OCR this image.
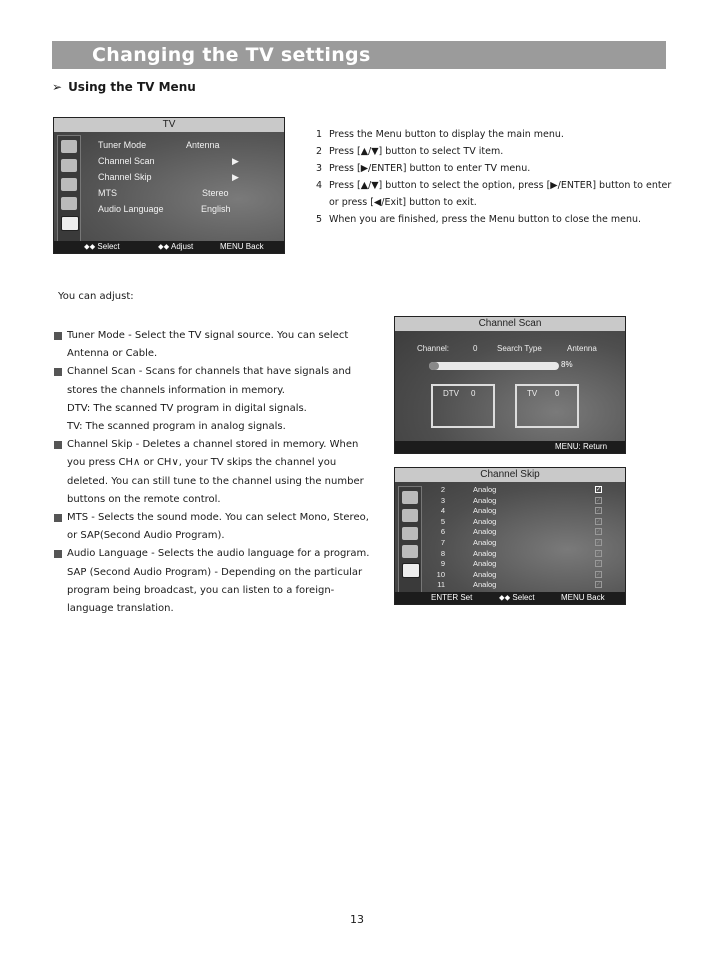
Changing the TV settings
➢ Using the TV Menu
TV
Tuner Mode	Antenna
Channel Scan	▶
Channel Skip	▶
MTS	Stereo
Audio Language	English
⬥⬥ Select	⬥⬥ Adjust	MENU Back
1 Press the Menu button to display the main menu.
2 Press [▲/▼] button to select TV item.
3 Press [▶/ENTER] button to enter TV menu.
4 Press [▲/▼] button to select the option, press [▶/ENTER] button to enter or press [◀/Exit] button to exit.
5 When you are finished, press the Menu button to close the menu.
You can adjust:
Tuner Mode - Select the TV signal source. You can select Antenna or Cable.
Channel Scan - Scans for channels that have signals and stores the channels information in memory.
DTV: The scanned TV program in digital signals.
TV: The scanned program in analog signals.
Channel Skip - Deletes a channel stored in memory. When you press CH∧ or CH∨, your TV skips the channel you deleted. You can still tune to the channel using the number buttons on the remote control.
MTS - Selects the sound mode. You can select Mono, Stereo, or SAP(Second Audio Program).
Audio Language - Selects the audio language for a program. SAP (Second Audio Program) - Depending on the particular program being broadcast, you can listen to a foreign-language translation.
Channel Scan
Channel:	0 Search Type	Antenna
8%
DTV 0	TV 0
MENU: Return
Channel Skip
2	Analog	✓
3	Analog	✓
4	Analog	✓
5	Analog	✓
6	Analog	✓
7	Analog	✓
8	Analog	✓
9	Analog	✓
10	Analog	✓
11	Analog	✓
ENTER Set	⬥⬥ Select	MENU Back
13
